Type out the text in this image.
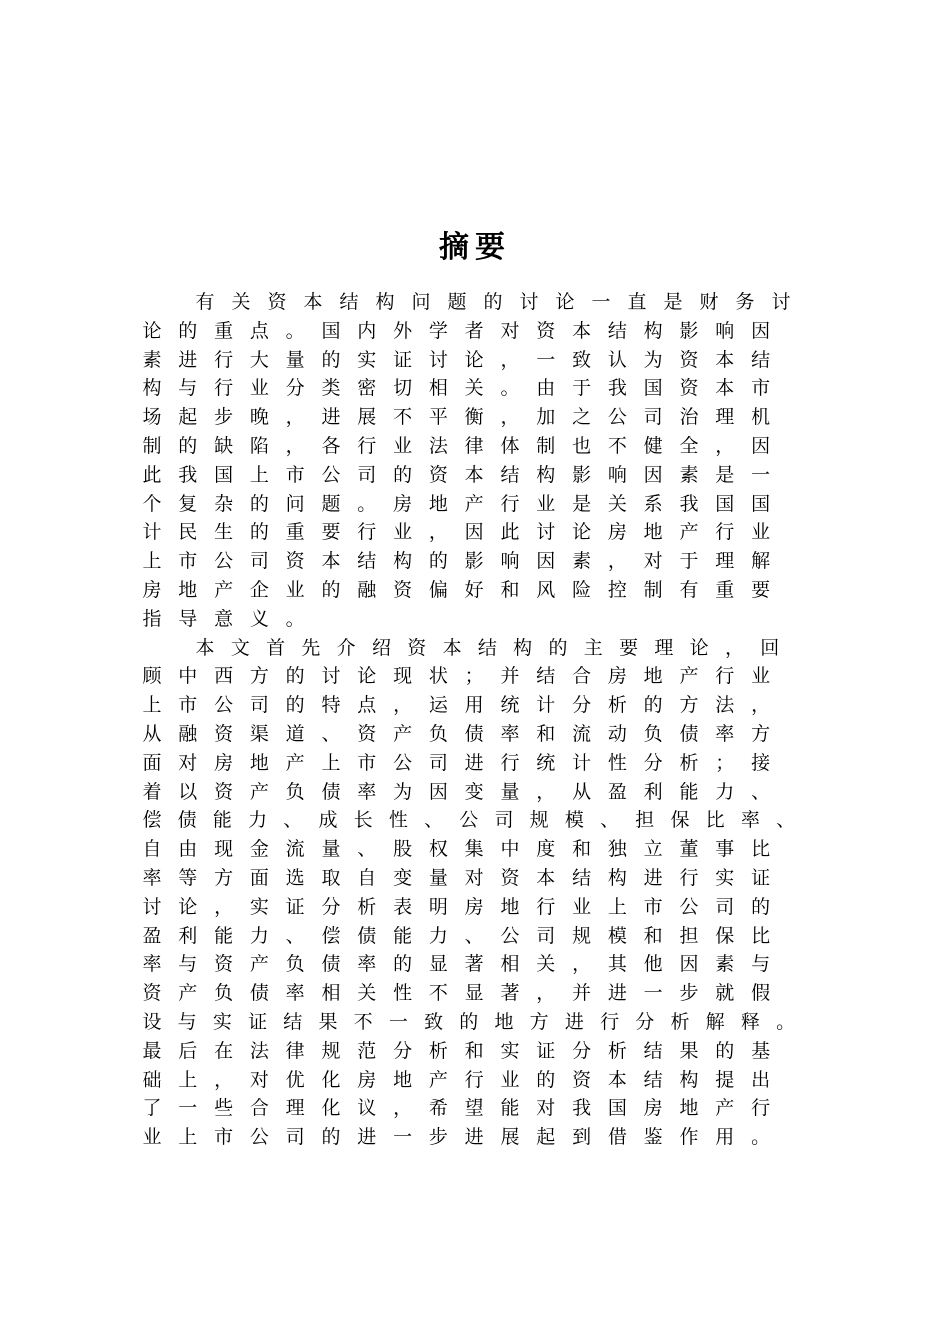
摘要
有 关 资 本 结 构 问 题 的 讨 论 一 直 是 财 务 讨
论 的 重 点 。 国 内 外 学 者 对 资 本 结 构 影 响 因
素 进 行 大 量 的 实 证 讨 论 ， 一 致 认 为 资 本 结
构 与 行 业 分 类 密 切 相 关 。 由 于 我 国 资 本 市
场 起 步 晚 ， 进 展 不 平 衡 ， 加 之 公 司 治 理 机
制 的 缺 陷 ， 各 行 业 法 律 体 制 也 不 健 全 ， 因
此 我 国 上 市 公 司 的 资 本 结 构 影 响 因 素 是 一
个 复 杂 的 问 题 。 房 地 产 行 业 是 关 系 我 国 国
计 民 生 的 重 要 行 业 ， 因 此 讨 论 房 地 产 行 业
上 市 公 司 资 本 结 构 的 影 响 因 素 ， 对 于 理 解
房 地 产 企 业 的 融 资 偏 好 和 风 险 控 制 有 重 要
指 导 意 义 。
本 文 首 先 介 绍 资 本 结 构 的 主 要 理 论 ， 回
顾 中 西 方 的 讨 论 现 状 ； 并 结 合 房 地 产 行 业
上 市 公 司 的 特 点 ， 运 用 统 计 分 析 的 方 法 ，
从 融 资 渠 道 、 资 产 负 债 率 和 流 动 负 债 率 方
面 对 房 地 产 上 市 公 司 进 行 统 计 性 分 析 ； 接
着 以 资 产 负 债 率 为 因 变 量 ， 从 盈 利 能 力 、
偿 债 能 力 、 成 长 性 、 公 司 规 模 、 担 保 比 率 、
自 由 现 金 流 量 、 股 权 集 中 度 和 独 立 董 事 比
率 等 方 面 选 取 自 变 量 对 资 本 结 构 进 行 实 证
讨 论 ， 实 证 分 析 表 明 房 地 行 业 上 市 公 司 的
盈 利 能 力 、 偿 债 能 力 、 公 司 规 模 和 担 保 比
率 与 资 产 负 债 率 的 显 著 相 关 ， 其 他 因 素 与
资 产 负 债 率 相 关 性 不 显 著 ， 并 进 一 步 就 假
设 与 实 证 结 果 不 一 致 的 地 方 进 行 分 析 解 释 。
最 后 在 法 律 规 范 分 析 和 实 证 分 析 结 果 的 基
础 上 ， 对 优 化 房 地 产 行 业 的 资 本 结 构 提 出
了 一 些 合 理 化 议 ， 希 望 能 对 我 国 房 地 产 行
业 上 市 公 司 的 进 一 步 进 展 起 到 借 鉴 作 用 。
